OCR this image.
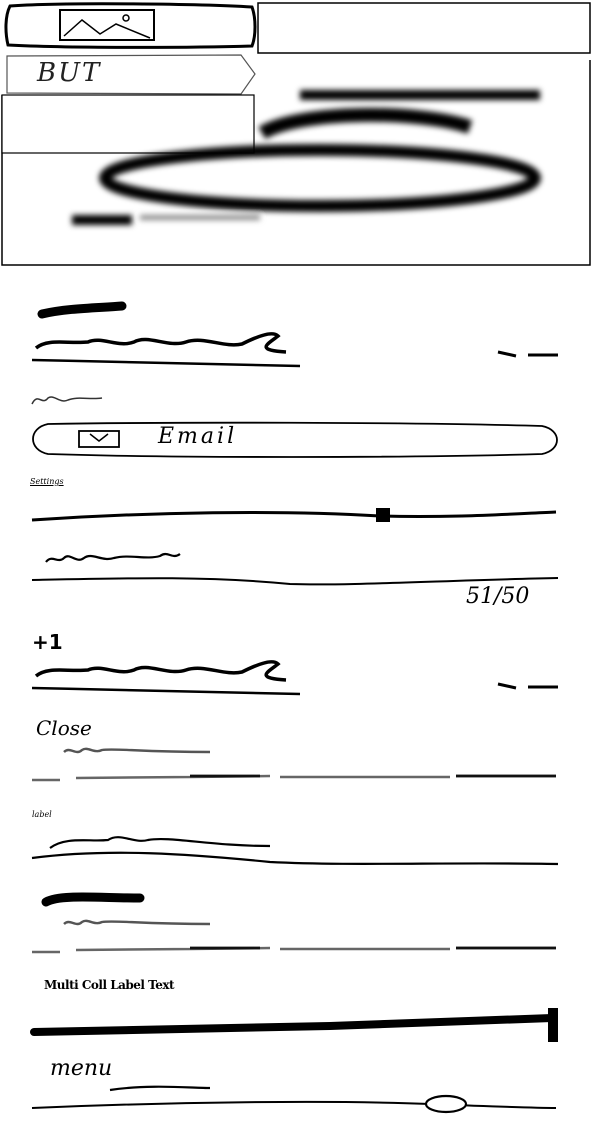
BUT
Email
Settings
51/50
+1
Close
label
Multi Coll Label Text
menu
